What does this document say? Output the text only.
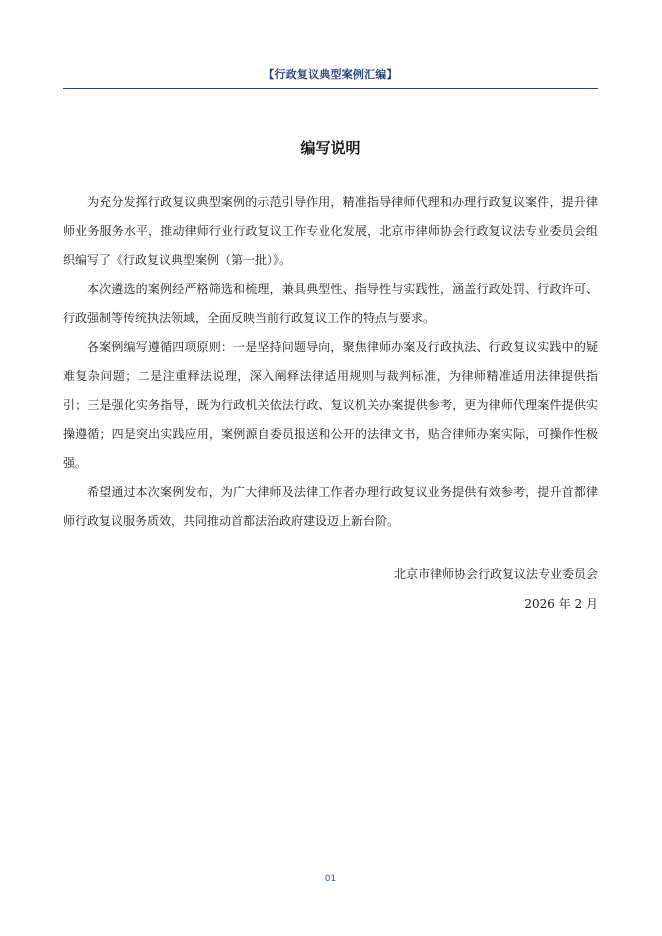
【行政复议典型案例汇编】
编写说明

为充分发挥行政复议典型案例的示范引导作用，精准指导律师代理和办理行政复议案件，提升律师业务服务水平，推动律师行业行政复议工作专业化发展，北京市律师协会行政复议法专业委员会组织编写了《行政复议典型案例（第一批）》。

本次遴选的案例经严格筛选和梳理，兼具典型性、指导性与实践性，涵盖行政处罚、行政许可、行政强制等传统执法领域，全面反映当前行政复议工作的特点与要求。

各案例编写遵循四项原则：一是坚持问题导向，聚焦律师办案及行政执法、行政复议实践中的疑难复杂问题；二是注重释法说理，深入阐释法律适用规则与裁判标准，为律师精准适用法律提供指引；三是强化实务指导，既为行政机关依法行政、复议机关办案提供参考，更为律师代理案件提供实操遵循；四是突出实践应用，案例源自委员报送和公开的法律文书，贴合律师办案实际，可操作性极强。

希望通过本次案例发布，为广大律师及法律工作者办理行政复议业务提供有效参考，提升首都律师行政复议服务质效，共同推动首都法治政府建设迈上新台阶。

北京市律师协会行政复议法专业委员会
2026 年 2 月
01
